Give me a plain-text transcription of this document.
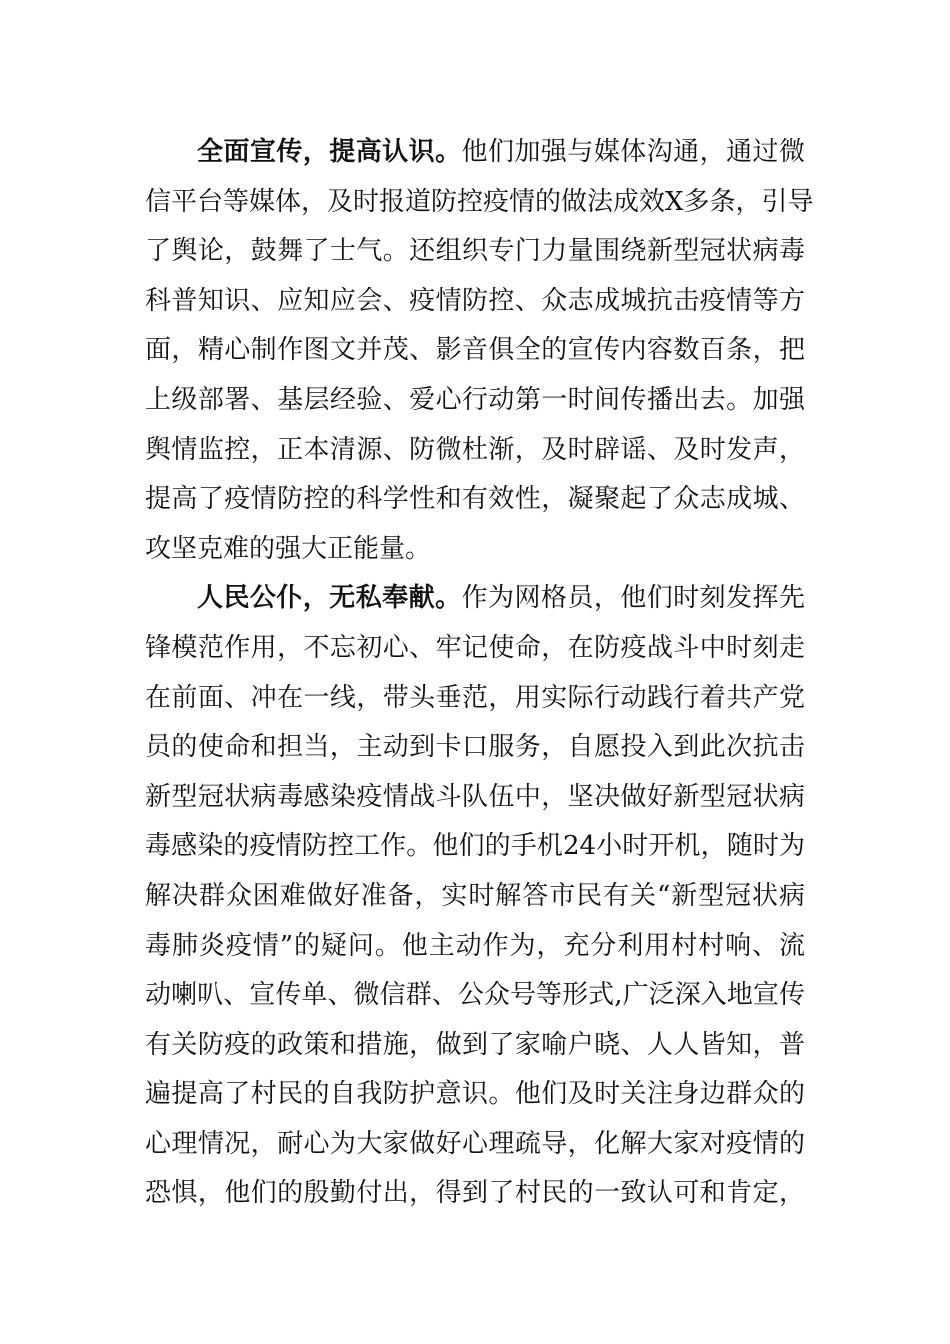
全面宣传，提高认识。他们加强与媒体沟通，通过微
信平台等媒体，及时报道防控疫情的做法成效X多条，引导
了舆论，鼓舞了士气。还组织专门力量围绕新型冠状病毒
科普知识、应知应会、疫情防控、众志成城抗击疫情等方
面，精心制作图文并茂、影音俱全的宣传内容数百条，把
上级部署、基层经验、爱心行动第一时间传播出去。加强
舆情监控，正本清源、防微杜渐，及时辟谣、及时发声，
提高了疫情防控的科学性和有效性，凝聚起了众志成城、
攻坚克难的强大正能量。
人民公仆，无私奉献。作为网格员，他们时刻发挥先
锋模范作用，不忘初心、牢记使命，在防疫战斗中时刻走
在前面、冲在一线，带头垂范，用实际行动践行着共产党
员的使命和担当，主动到卡口服务，自愿投入到此次抗击
新型冠状病毒感染疫情战斗队伍中，坚决做好新型冠状病
毒感染的疫情防控工作。他们的手机24小时开机，随时为
解决群众困难做好准备，实时解答市民有关“新型冠状病
毒肺炎疫情”的疑问。他主动作为，充分利用村村响、流
动喇叭、宣传单、微信群、公众号等形式,广泛深入地宣传
有关防疫的政策和措施，做到了家喻户晓、人人皆知，普
遍提高了村民的自我防护意识。他们及时关注身边群众的
心理情况，耐心为大家做好心理疏导，化解大家对疫情的
恐惧，他们的殷勤付出，得到了村民的一致认可和肯定，
